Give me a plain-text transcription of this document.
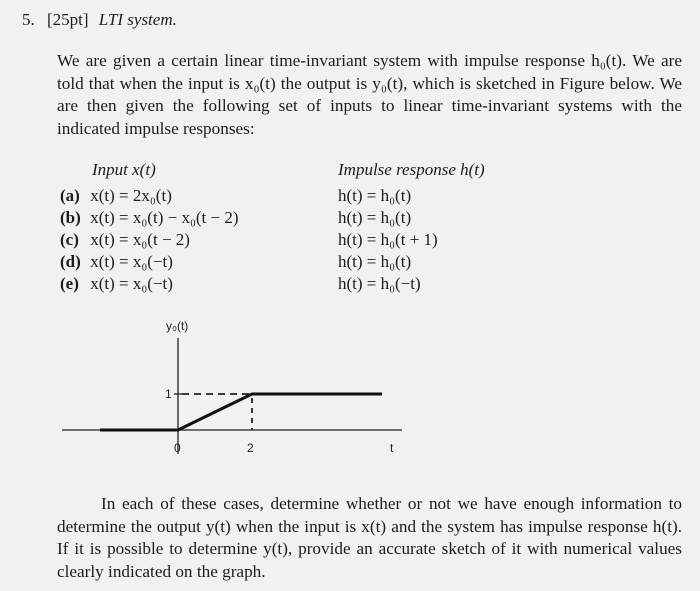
5. [25pt] LTI system.
We are given a certain linear time-invariant system with impulse response h₀(t). We are told that when the input is x₀(t) the output is y₀(t), which is sketched in Figure below. We are then given the following set of inputs to linear time-invariant systems with the indicated impulse responses:
Input x(t)	Impulse response h(t)
(a) x(t) = 2x₀(t)	h(t) = h₀(t)
(b) x(t) = x₀(t) − x₀(t − 2)	h(t) = h₀(t)
(c) x(t) = x₀(t − 2)	h(t) = h₀(t + 1)
(d) x(t) = x₀(−t)	h(t) = h₀(t)
(e) x(t) = x₀(−t)	h(t) = h₀(−t)
y₀(t)
1
0	2	t
In each of these cases, determine whether or not we have enough information to determine the output y(t) when the input is x(t) and the system has impulse response h(t). If it is possible to determine y(t), provide an accurate sketch of it with numerical values clearly indicated on the graph.
